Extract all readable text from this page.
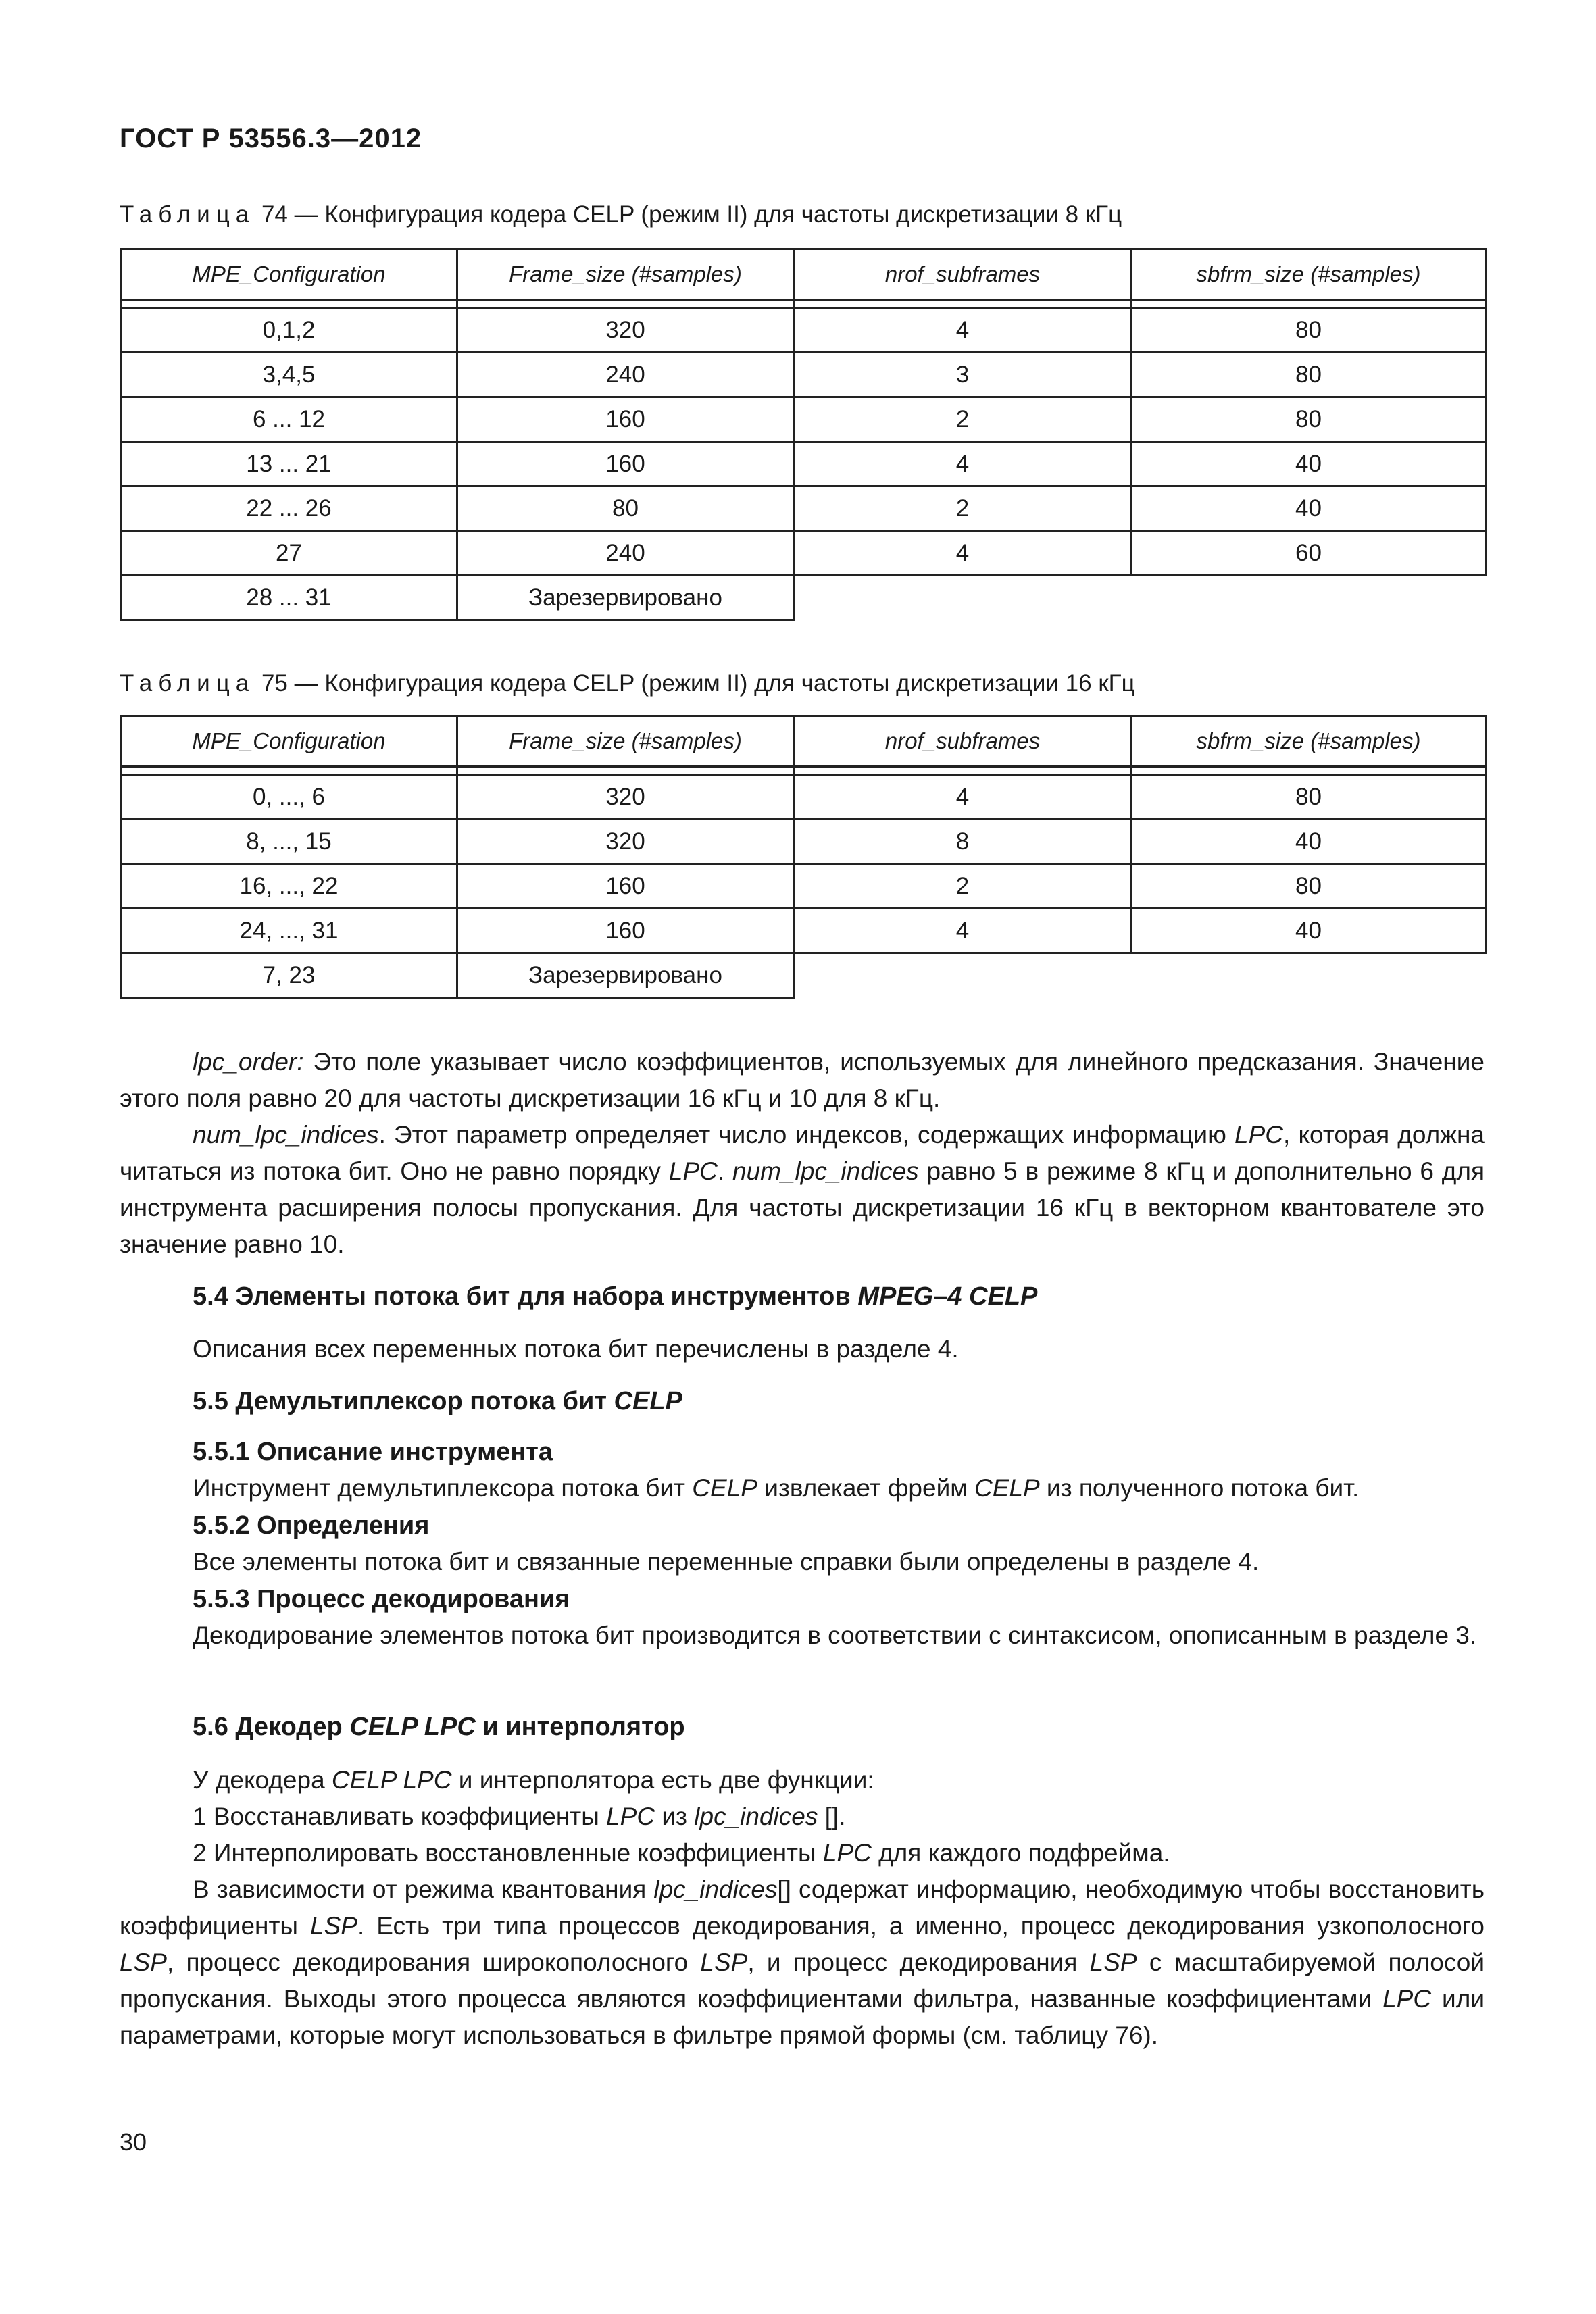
ГОСТ Р 53556.3—2012
Таблица 74 — Конфигурация кодера CELP (режим II) для частоты дискретизации 8 кГц
MPE_Configuration	Frame_size (#samples)	nrof_subframes	sbfrm_size (#samples)

0,1,2	320	4	80
3,4,5	240	3	80
6 ... 12	160	2	80
13 ... 21	160	4	40
22 ... 26	80	2	40
27	240	4	60
28 ... 31	Зарезервировано		
Таблица 75 — Конфигурация кодера CELP (режим II) для частоты дискретизации 16 кГц
MPE_Configuration	Frame_size (#samples)	nrof_subframes	sbfrm_size (#samples)

0, ..., 6	320	4	80
8, ..., 15	320	8	40
16, ..., 22	160	2	80
24, ..., 31	160	4	40
7, 23	Зарезервировано		
lpc_order: Это поле указывает число коэффициентов, используемых для линейного предсказания. Значение этого поля равно 20 для частоты дискретизации 16 кГц и 10 для 8 кГц.
num_lpc_indices. Этот параметр определяет число индексов, содержащих информацию LPC, которая должна читаться из потока бит. Оно не равно порядку LPC. num_lpc_indices равно 5 в режиме 8 кГц и дополнительно 6 для инструмента расширения полосы пропускания. Для частоты дискретизации 16 кГц в векторном квантователе это значение равно 10.
5.4 Элементы потока бит для набора инструментов MPEG–4 CELP
Описания всех переменных потока бит перечислены в разделе 4.
5.5 Демультиплексор потока бит CELP
5.5.1 Описание инструмента
Инструмент демультиплексора потока бит CELP извлекает фрейм CELP из полученного потока бит.
5.5.2 Определения
Все элементы потока бит и связанные переменные справки были определены в разделе 4.
5.5.3 Процесс декодирования
Декодирование элементов потока бит производится в соответствии с синтаксисом, опописанным в разделе 3.
5.6 Декодер CELP LPC и интерполятор
У декодера CELP LPC и интерполятора есть две функции:
1 Восстанавливать коэффициенты LPC из lpc_indices [].
2 Интерполировать восстановленные коэффициенты LPC для каждого подфрейма.
В зависимости от режима квантования lpc_indices[] содержат информацию, необходимую чтобы восстановить коэффициенты LSP. Есть три типа процессов декодирования, а именно, процесс декодирования узкополосного LSP, процесс декодирования широкополосного LSP, и процесс декодирования LSP с масштабируемой полосой пропускания. Выходы этого процесса являются коэффициентами фильтра, названные коэффициентами LPC или параметрами, которые могут использоваться в фильтре прямой формы (см. таблицу 76).
30
